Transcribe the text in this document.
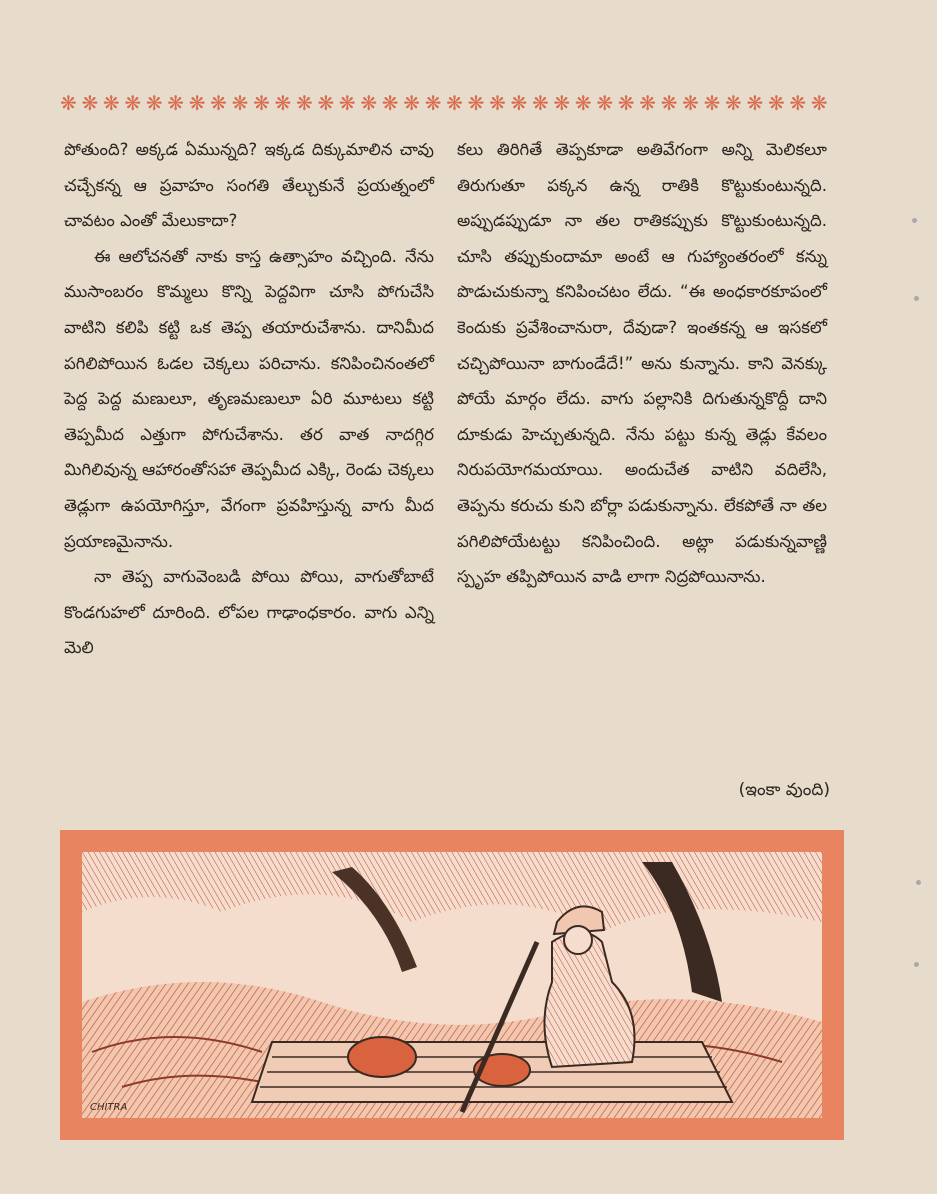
❋ ❋ ❋ ❋ ❋ ❋ ❋ ❋ ❋ ❋ ❋ ❋ ❋ ❋ ❋ ❋ ❋ ❋ ❋ ❋ ❋ ❋ ❋ ❋ ❋ ❋ ❋ ❋ ❋ ❋ ❋ ❋ ❋ ❋ ❋ ❋

పోతుంది? అక్కడ ఏమున్నది? ఇక్కడ దిక్కుమాలిన చావు చచ్చేకన్న ఆ ప్రవాహం సంగతి తేల్చుకునే ప్రయత్నంలో చావటం ఎంతో మేలుకాదా?

ఈ ఆలోచనతో నాకు కాస్త ఉత్సాహం వచ్చింది. నేను ముసాంబరం కొమ్మలు కొన్ని పెద్దవిగా చూసి పోగుచేసి వాటిని కలిపి కట్టి ఒక తెప్ప తయారుచేశాను. దానిమీద పగిలిపోయిన ఓడల చెక్కలు పరిచాను. కనిపించినంతలో పెద్ద పెద్ద మణులూ, తృణమణులూ ఏరి మూటలు కట్టి తెప్పమీద ఎత్తుగా పోగుచేశాను. తర వాత నాదగ్గిర మిగిలివున్న ఆహారంతోసహా తెప్పమీద ఎక్కి, రెండు చెక్కలు తెడ్లుగా ఉపయోగిస్తూ, వేగంగా ప్రవహిస్తున్న వాగు మీద ప్రయాణమైనాను.

నా తెప్ప వాగువెంబడి పోయి పోయి, వాగుతోబాటే కొండగుహలో దూరింది. లోపల గాఢాంధకారం. వాగు ఎన్ని మెలి

కలు తిరిగితే తెప్పకూడా అతివేగంగా అన్ని మెలికలూ తిరుగుతూ పక్కన ఉన్న రాతికి కొట్టుకుంటున్నది. అప్పుడప్పుడూ నా తల రాతికప్పుకు కొట్టుకుంటున్నది. చూసి తప్పుకుందామా అంటే ఆ గుహ్యాంతరంలో కన్ను పొడుచుకున్నా కనిపించటం లేదు. “ఈ అంధకారకూపంలో కెందుకు ప్రవేశించానురా, దేవుడా? ఇంతకన్న ఆ ఇసకలో చచ్చిపోయినా బాగుండేదే!” అను కున్నాను. కాని వెనక్కు పోయే మార్గం లేదు. వాగు పల్లానికి దిగుతున్నకొద్దీ దాని దూకుడు హెచ్చుతున్నది. నేను పట్టు కున్న తెడ్లు కేవలం నిరుపయోగమయాయి. అందుచేత వాటిని వదిలేసి, తెప్పను కరుచు కుని బోర్లా పడుకున్నాను. లేకపోతే నా తల పగిలిపోయేటట్టు కనిపించింది. అట్లా పడుకున్నవాణ్ణి స్పృహ తప్పిపోయిన వాడి లాగా నిద్రపోయినాను.

(ఇంకా వుంది)
CHITRA
